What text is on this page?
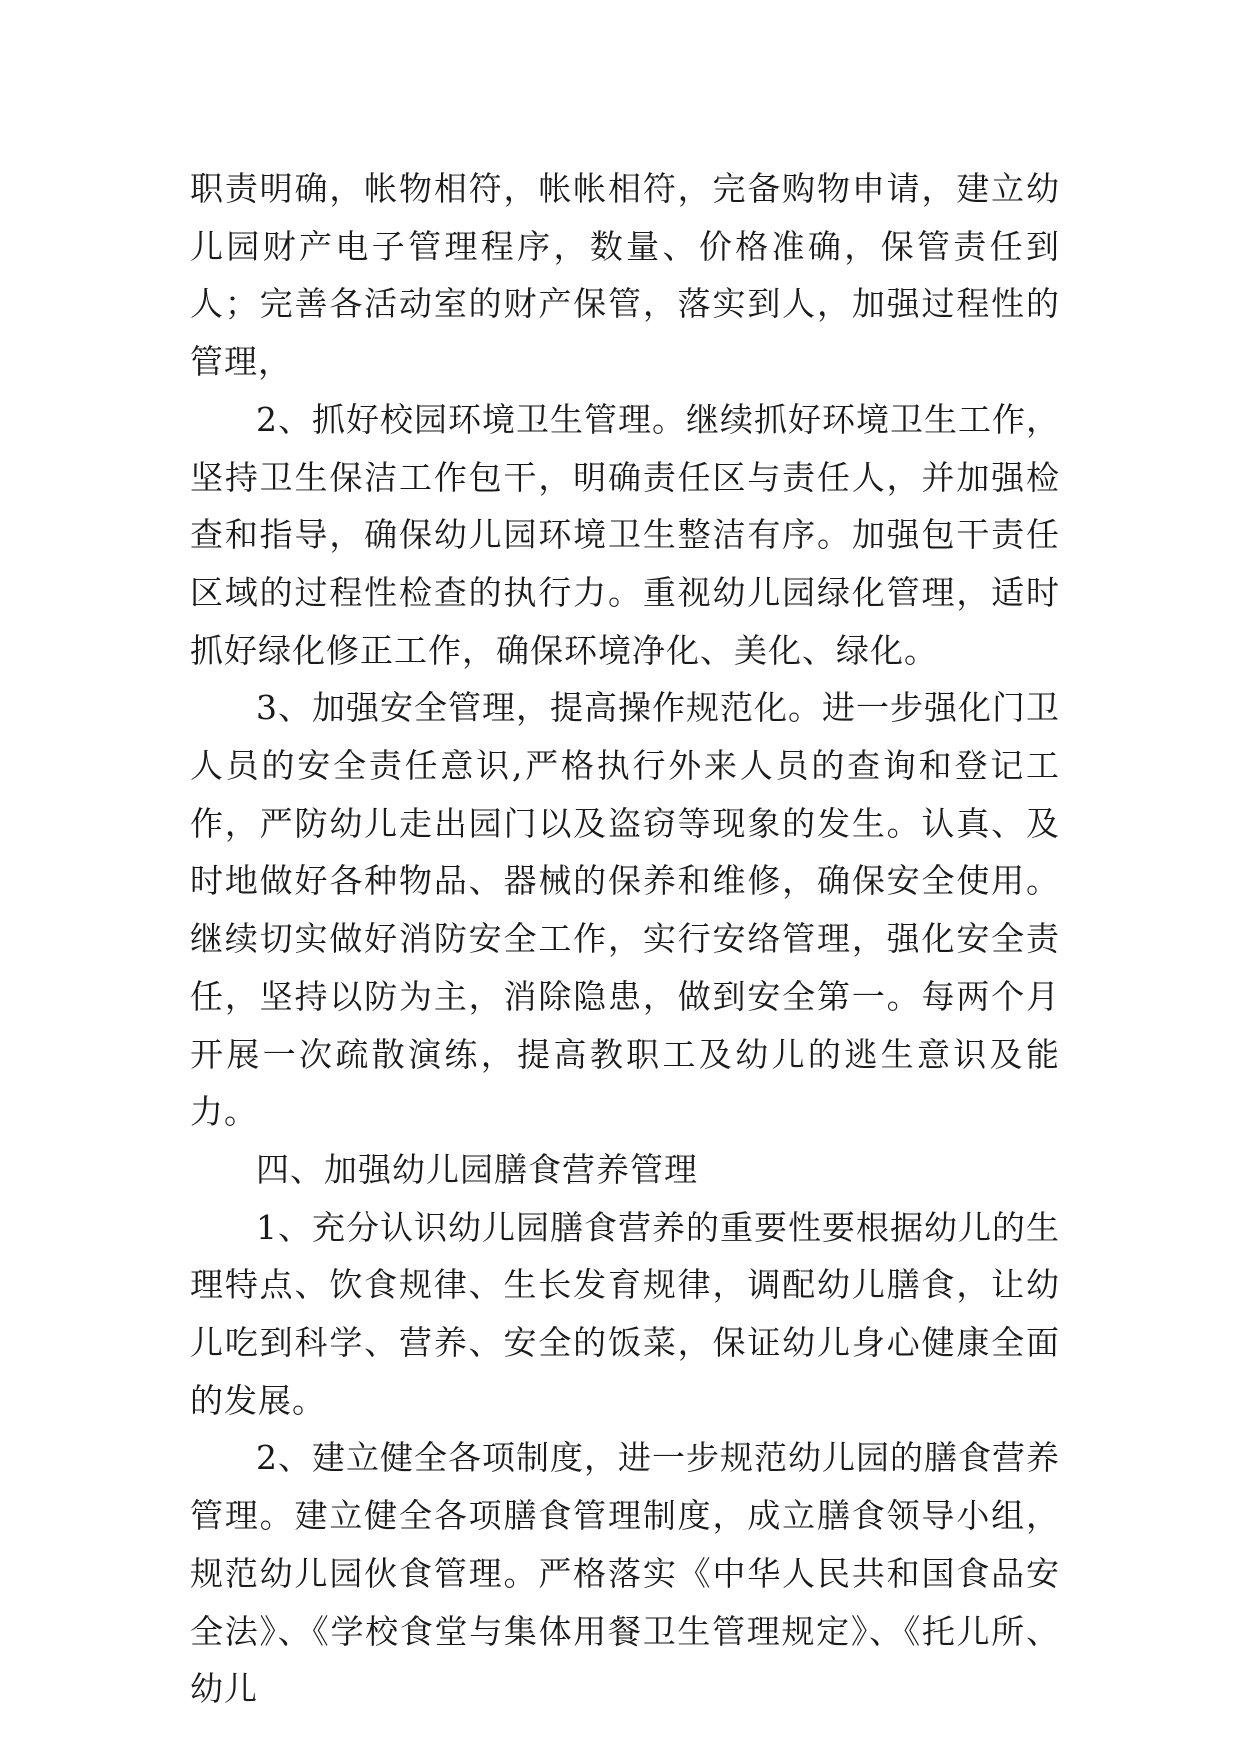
职责明确，帐物相符，帐帐相符，完备购物申请，建立幼儿园财产电子管理程序，数量、价格准确，保管责任到人；完善各活动室的财产保管，落实到人，加强过程性的管理，

2、抓好校园环境卫生管理。继续抓好环境卫生工作，坚持卫生保洁工作包干，明确责任区与责任人，并加强检查和指导，确保幼儿园环境卫生整洁有序。加强包干责任区域的过程性检查的执行力。重视幼儿园绿化管理，适时抓好绿化修正工作，确保环境净化、美化、绿化。

3、加强安全管理，提高操作规范化。进一步强化门卫人员的安全责任意识,严格执行外来人员的查询和登记工作，严防幼儿走出园门以及盗窃等现象的发生。认真、及时地做好各种物品、器械的保养和维修，确保安全使用。继续切实做好消防安全工作，实行安络管理，强化安全责任，坚持以防为主，消除隐患，做到安全第一。每两个月开展一次疏散演练，提高教职工及幼儿的逃生意识及能力。

四、加强幼儿园膳食营养管理

1、充分认识幼儿园膳食营养的重要性要根据幼儿的生理特点、饮食规律、生长发育规律，调配幼儿膳食，让幼儿吃到科学、营养、安全的饭菜，保证幼儿身心健康全面的发展。

2、建立健全各项制度，进一步规范幼儿园的膳食营养管理。建立健全各项膳食管理制度，成立膳食领导小组，规范幼儿园伙食管理。严格落实《中华人民共和国食品安全法》、《学校食堂与集体用餐卫生管理规定》、《托儿所、幼儿
